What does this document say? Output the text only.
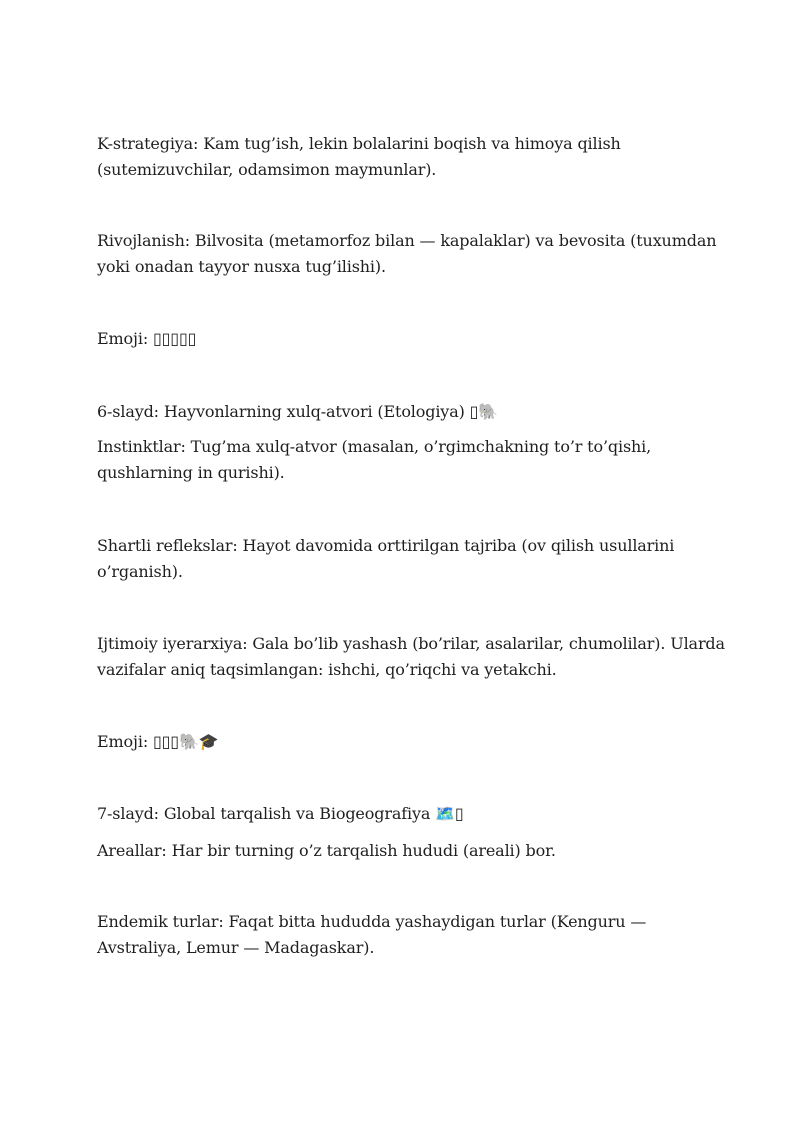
K-strategiya: Kam tug’ish, lekin bolalarini boqish va himoya qilish (sutemizuvchilar, odamsimon maymunlar).

Rivojlanish: Bilvosita (metamorfoz bilan — kapalaklar) va bevosita (tuxumdan yoki onadan tayyor nusxa tug’ilishi).

Emoji: ▯▯▯▯▯

6-slayd: Hayvonlarning xulq-atvori (Etologiya) ▯🐘

Instinktlar: Tug’ma xulq-atvor (masalan, o’rgimchakning to’r to’qishi, qushlarning in qurishi).

Shartli reflekslar: Hayot davomida orttirilgan tajriba (ov qilish usullarini o’rganish).

Ijtimoiy iyerarxiya: Gala bo’lib yashash (bo’rilar, asalarilar, chumolilar). Ularda vazifalar aniq taqsimlangan: ishchi, qo’riqchi va yetakchi.

Emoji: ▯▯▯🐘🎓

7-slayd: Global tarqalish va Biogeografiya 🗺️▯

Areallar: Har bir turning o’z tarqalish hududi (areali) bor.

Endemik turlar: Faqat bitta hududda yashaydigan turlar (Kenguru — Avstraliya, Lemur — Madagaskar).
